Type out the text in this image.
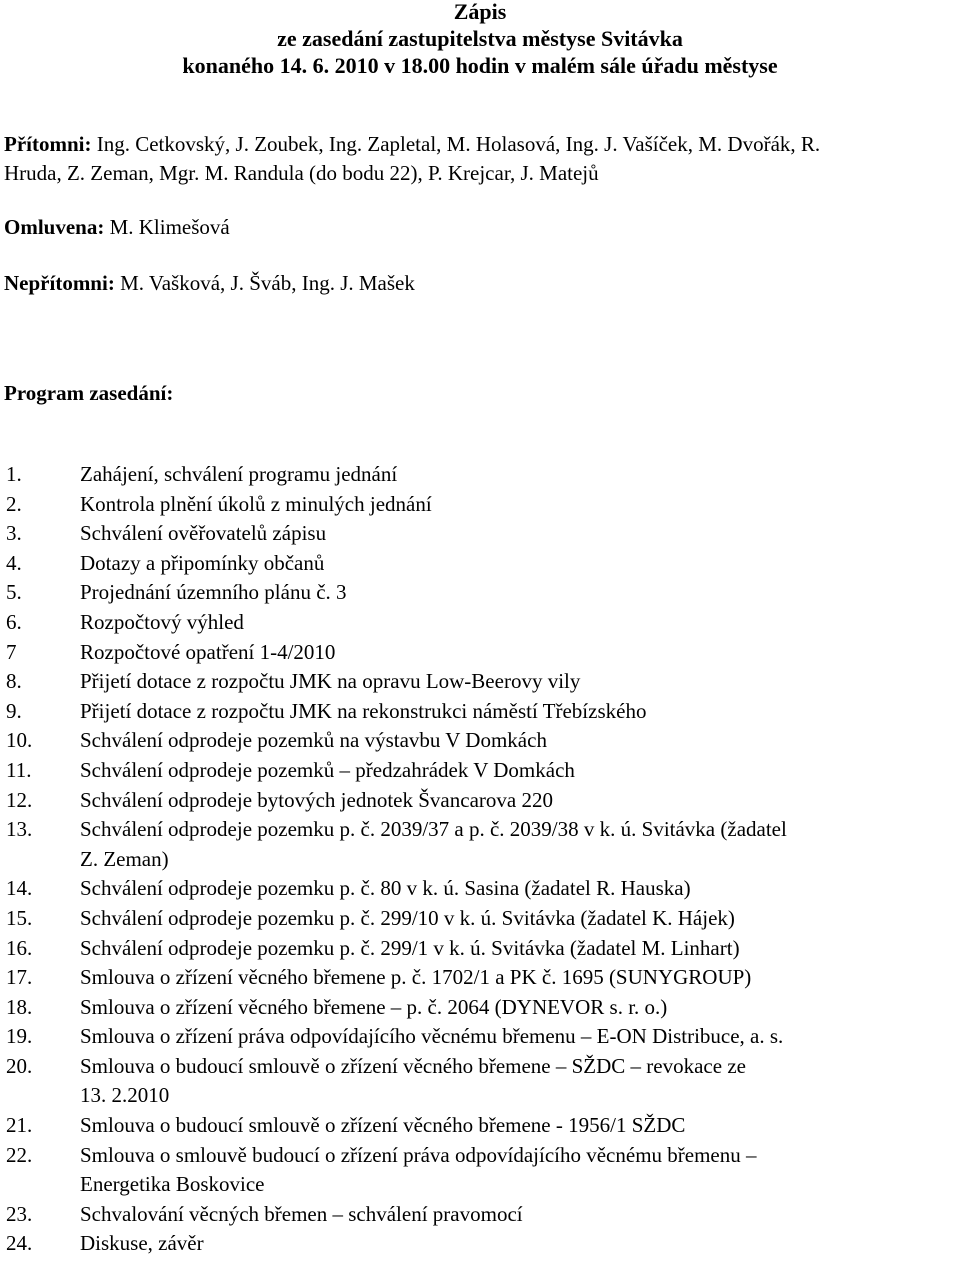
Zápis
ze zasedání zastupitelstva městyse Svitávka
konaného 14. 6. 2010 v 18.00 hodin v malém sále úřadu městyse
Přítomni: Ing. Cetkovský, J. Zoubek, Ing. Zapletal, M. Holasová, Ing. J. Vašíček, M. Dvořák, R.
Hruda, Z. Zeman, Mgr. M. Randula (do bodu 22), P. Krejcar, J. Matejů
Omluvena: M. Klimešová
Nepřítomni: M. Vašková, J. Šváb, Ing. J. Mašek
Program zasedání:
1.	Zahájení, schválení programu jednání
2.	Kontrola plnění úkolů z minulých jednání
3.	Schválení ověřovatelů zápisu
4.	Dotazy a připomínky občanů
5.	Projednání územního plánu č. 3
6.	Rozpočtový výhled
7	Rozpočtové opatření 1-4/2010
8.	Přijetí dotace z rozpočtu JMK na opravu Low-Beerovy vily
9.	Přijetí dotace z rozpočtu JMK na rekonstrukci náměstí Třebízského
10.	Schválení odprodeje pozemků na výstavbu V Domkách
11.	Schválení odprodeje pozemků – předzahrádek V Domkách
12.	Schválení odprodeje bytových jednotek Švancarova 220
13.	Schválení odprodeje pozemku p. č. 2039/37 a p. č. 2039/38 v k. ú. Svitávka (žadatel
Z. Zeman)
14.	Schválení odprodeje pozemku p. č. 80 v k. ú. Sasina (žadatel R. Hauska)
15.	Schválení odprodeje pozemku p. č. 299/10 v k. ú. Svitávka (žadatel K. Hájek)
16.	Schválení odprodeje pozemku p. č. 299/1 v k. ú. Svitávka (žadatel M. Linhart)
17.	Smlouva o zřízení věcného břemene p. č. 1702/1 a PK č. 1695 (SUNYGROUP)
18.	Smlouva o zřízení věcného břemene – p. č. 2064 (DYNEVOR s. r. o.)
19.	Smlouva o zřízení práva odpovídajícího věcnému břemenu – E-ON Distribuce, a. s.
20.	Smlouva o budoucí smlouvě o zřízení věcného břemene – SŽDC – revokace ze
13. 2.2010
21.	Smlouva o budoucí smlouvě o zřízení věcného břemene - 1956/1 SŽDC
22.	Smlouva o smlouvě budoucí o zřízení práva odpovídajícího věcnému břemenu –
Energetika Boskovice
23.	Schvalování věcných břemen – schválení pravomocí
24.	Diskuse, závěr
